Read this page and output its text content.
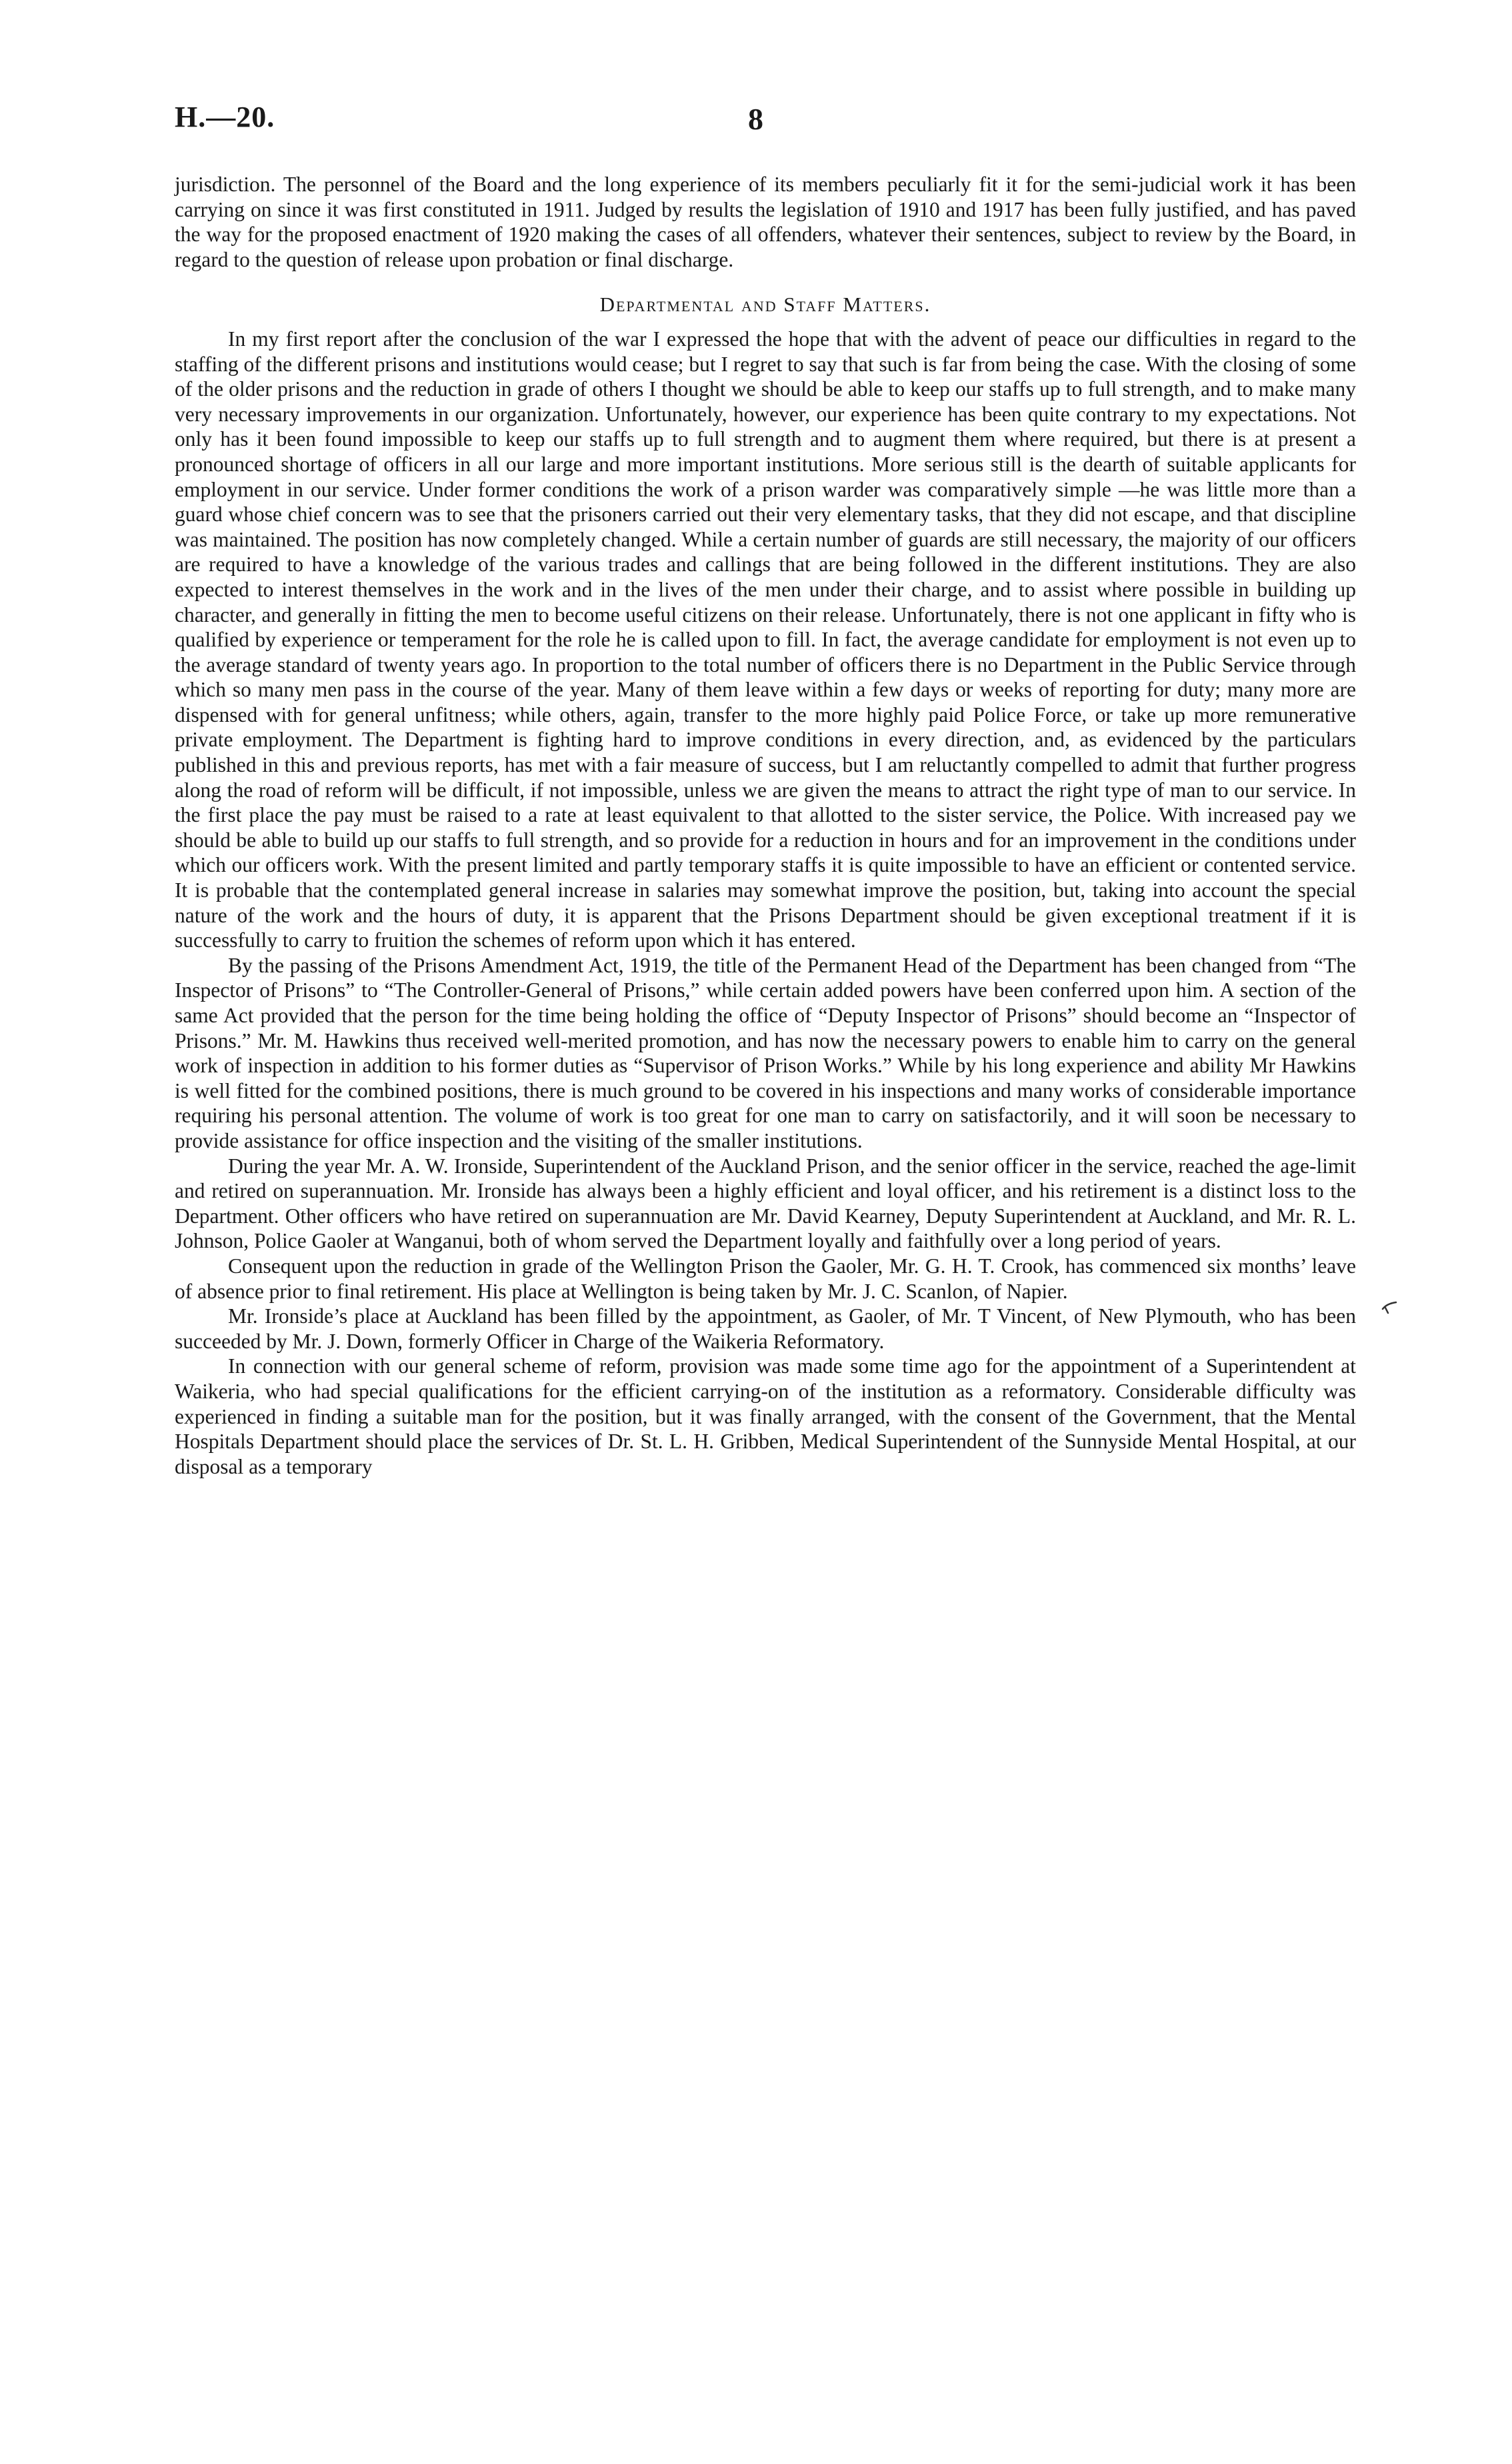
H.—20.	8

jurisdiction. The personnel of the Board and the long experience of its members peculiarly fit it for the semi-judicial work it has been carrying on since it was first constituted in 1911. Judged by results the legislation of 1910 and 1917 has been fully justified, and has paved the way for the proposed enactment of 1920 making the cases of all offenders, whatever their sentences, subject to review by the Board, in regard to the question of release upon probation or final discharge.

Departmental and Staff Matters.

In my first report after the conclusion of the war I expressed the hope that with the advent of peace our difficulties in regard to the staffing of the different prisons and institutions would cease; but I regret to say that such is far from being the case. With the closing of some of the older prisons and the reduction in grade of others I thought we should be able to keep our staffs up to full strength, and to make many very necessary improvements in our organization. Unfortunately, however, our experience has been quite contrary to my expectations. Not only has it been found impossible to keep our staffs up to full strength and to augment them where required, but there is at present a pronounced shortage of officers in all our large and more important institutions. More serious still is the dearth of suitable applicants for employment in our service. Under former conditions the work of a prison warder was comparatively simple —he was little more than a guard whose chief concern was to see that the prisoners carried out their very elementary tasks, that they did not escape, and that discipline was maintained. The position has now completely changed. While a certain number of guards are still necessary, the majority of our officers are required to have a knowledge of the various trades and callings that are being followed in the different institutions. They are also expected to interest themselves in the work and in the lives of the men under their charge, and to assist where possible in building up character, and generally in fitting the men to become useful citizens on their release. Unfortunately, there is not one applicant in fifty who is qualified by experience or temperament for the role he is called upon to fill. In fact, the average candidate for employment is not even up to the average standard of twenty years ago. In proportion to the total number of officers there is no Department in the Public Service through which so many men pass in the course of the year. Many of them leave within a few days or weeks of reporting for duty; many more are dispensed with for general unfitness; while others, again, transfer to the more highly paid Police Force, or take up more remunerative private employment. The Department is fighting hard to improve conditions in every direction, and, as evidenced by the particulars published in this and previous reports, has met with a fair measure of success, but I am reluctantly compelled to admit that further progress along the road of reform will be difficult, if not impossible, unless we are given the means to attract the right type of man to our service. In the first place the pay must be raised to a rate at least equivalent to that allotted to the sister service, the Police. With increased pay we should be able to build up our staffs to full strength, and so provide for a reduction in hours and for an improvement in the conditions under which our officers work. With the present limited and partly temporary staffs it is quite impossible to have an efficient or contented service. It is probable that the contemplated general increase in salaries may somewhat improve the position, but, taking into account the special nature of the work and the hours of duty, it is apparent that the Prisons Department should be given exceptional treatment if it is successfully to carry to fruition the schemes of reform upon which it has entered.

By the passing of the Prisons Amendment Act, 1919, the title of the Permanent Head of the Department has been changed from “The Inspector of Prisons” to “The Controller-General of Prisons,” while certain added powers have been conferred upon him. A section of the same Act provided that the person for the time being holding the office of “Deputy Inspector of Prisons” should become an “Inspector of Prisons.” Mr. M. Hawkins thus received well-merited promotion, and has now the necessary powers to enable him to carry on the general work of inspection in addition to his former duties as “Supervisor of Prison Works.” While by his long experience and ability Mr Hawkins is well fitted for the combined positions, there is much ground to be covered in his inspections and many works of considerable importance requiring his personal attention. The volume of work is too great for one man to carry on satisfactorily, and it will soon be necessary to provide assistance for office inspection and the visiting of the smaller institutions.

During the year Mr. A. W. Ironside, Superintendent of the Auckland Prison, and the senior officer in the service, reached the age-limit and retired on superannuation. Mr. Ironside has always been a highly efficient and loyal officer, and his retirement is a distinct loss to the Department. Other officers who have retired on superannuation are Mr. David Kearney, Deputy Superintendent at Auckland, and Mr. R. L. Johnson, Police Gaoler at Wanganui, both of whom served the Department loyally and faithfully over a long period of years.

Consequent upon the reduction in grade of the Wellington Prison the Gaoler, Mr. G. H. T. Crook, has commenced six months’ leave of absence prior to final retirement. His place at Wellington is being taken by Mr. J. C. Scanlon, of Napier.

Mr. Ironside’s place at Auckland has been filled by the appointment, as Gaoler, of Mr. T Vincent, of New Plymouth, who has been succeeded by Mr. J. Down, formerly Officer in Charge of the Waikeria Reformatory.

In connection with our general scheme of reform, provision was made some time ago for the appointment of a Superintendent at Waikeria, who had special qualifications for the efficient carrying-on of the institution as a reformatory. Considerable difficulty was experienced in finding a suitable man for the position, but it was finally arranged, with the consent of the Government, that the Mental Hospitals Department should place the services of Dr. St. L. H. Gribben, Medical Superintendent of the Sunnyside Mental Hospital, at our disposal as a temporary
